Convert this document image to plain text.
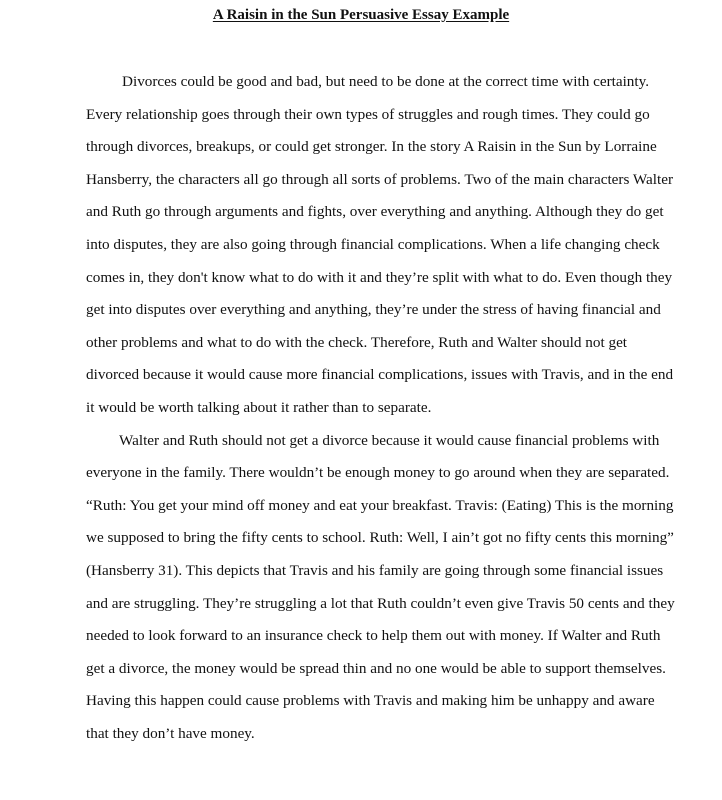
A Raisin in the Sun Persuasive Essay Example

Divorces could be good and bad, but need to be done at the correct time with certainty.
Every relationship goes through their own types of struggles and rough times. They could go
through divorces, breakups, or could get stronger. In the story A Raisin in the Sun by Lorraine
Hansberry, the characters all go through all sorts of problems. Two of the main characters Walter
and Ruth go through arguments and fights, over everything and anything. Although they do get
into disputes, they are also going through financial complications. When a life changing check
comes in, they don't know what to do with it and they’re split with what to do. Even though they
get into disputes over everything and anything, they’re under the stress of having financial and
other problems and what to do with the check. Therefore, Ruth and Walter should not get
divorced because it would cause more financial complications, issues with Travis, and in the end
it would be worth talking about it rather than to separate.

Walter and Ruth should not get a divorce because it would cause financial problems with
everyone in the family. There wouldn’t be enough money to go around when they are separated.
“Ruth: You get your mind off money and eat your breakfast. Travis: (Eating) This is the morning
we supposed to bring the fifty cents to school. Ruth: Well, I ain’t got no fifty cents this morning”
(Hansberry 31). This depicts that Travis and his family are going through some financial issues
and are struggling. They’re struggling a lot that Ruth couldn’t even give Travis 50 cents and they
needed to look forward to an insurance check to help them out with money. If Walter and Ruth
get a divorce, the money would be spread thin and no one would be able to support themselves.
Having this happen could cause problems with Travis and making him be unhappy and aware
that they don’t have money.
